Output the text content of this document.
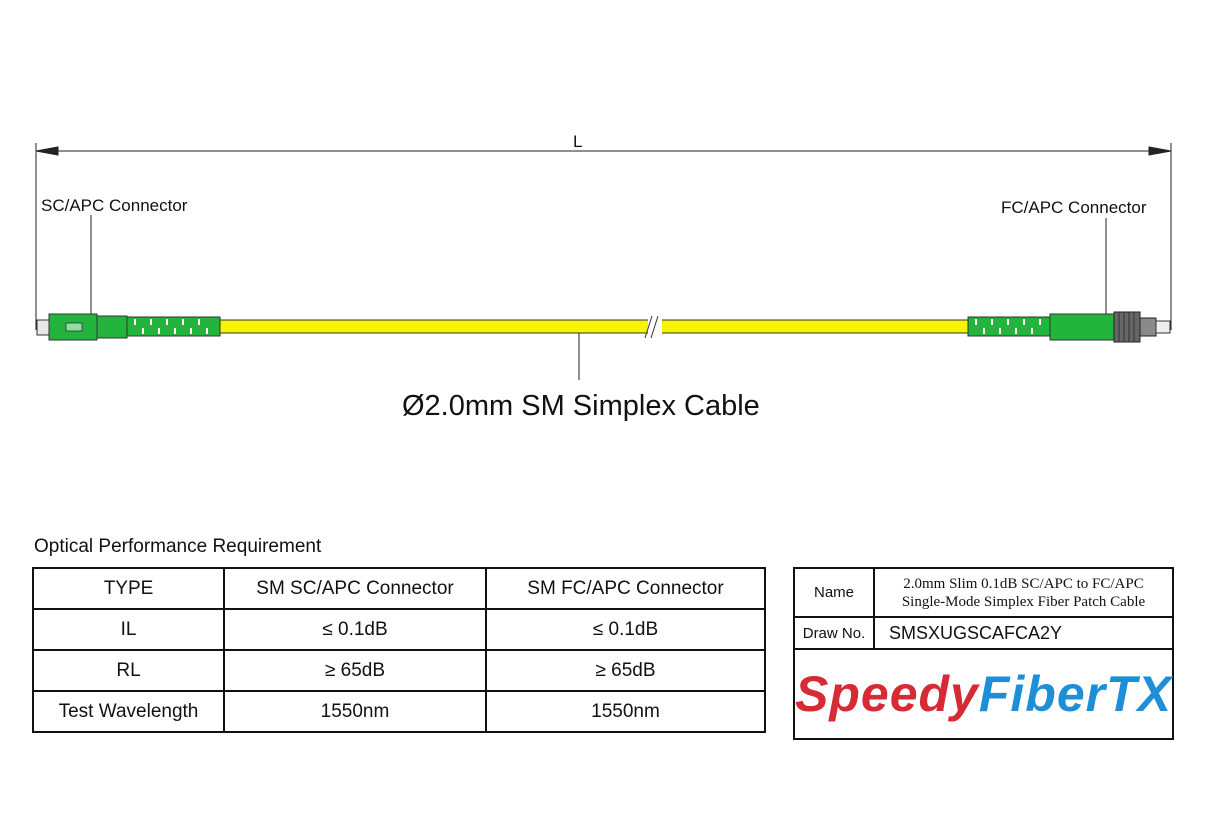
L
SC/APC Connector	FC/APC Connector
Ø2.0mm SM Simplex Cable
Optical Performance Requirement
TYPE	SM SC/APC Connector	SM FC/APC Connector
IL	≤ 0.1dB	≤ 0.1dB
RL	≥ 65dB	≥ 65dB
Test Wavelength	1550nm	1550nm
Name	2.0mm Slim 0.1dB SC/APC to FC/APC
Single-Mode Simplex Fiber Patch Cable

Draw No.	SMSXUGSCAFCA2Y
SpeedyFiberTX	
